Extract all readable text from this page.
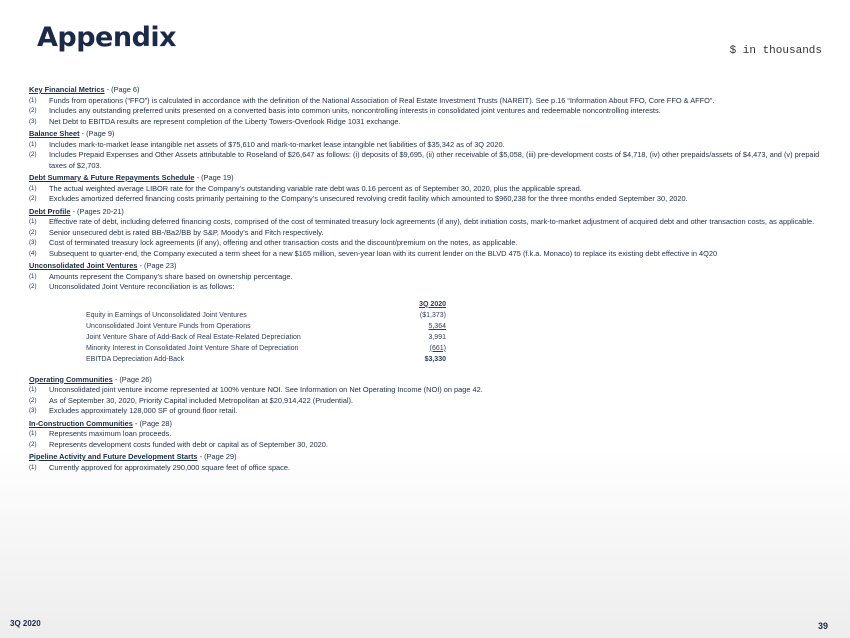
Appendix	$ in thousands
Key Financial Metrics - (Page 6)
(1) Funds from operations (“FFO”) is calculated in accordance with the definition of the National Association of Real Estate Investment Trusts (NAREIT). See p.16 “Information About FFO, Core FFO & AFFO”.
(2) Includes any outstanding preferred units presented on a converted basis into common units, noncontrolling interests in consolidated joint ventures and redeemable noncontrolling interests.
(3) Net Debt to EBITDA results are represent completion of the Liberty Towers-Overlook Ridge 1031 exchange.
Balance Sheet - (Page 9)
(1) Includes mark-to-market lease intangible net assets of $75,610 and mark-to-market lease intangible net liabilities of $35,342 as of 3Q 2020.
(2) Includes Prepaid Expenses and Other Assets attributable to Roseland of $26,647 as follows: (i) deposits of $9,695, (ii) other receivable of $5,058, (iii) pre-development costs of $4,718, (iv) other prepaids/assets of $4,473, and (v) prepaid taxes of $2,703.
Debt Summary & Future Repayments Schedule - (Page 19)
(1) The actual weighted average LIBOR rate for the Company’s outstanding variable rate debt was 0.16 percent as of September 30, 2020, plus the applicable spread.
(2) Excludes amortized deferred financing costs primarily pertaining to the Company’s unsecured revolving credit facility which amounted to $960,238 for the three months ended September 30, 2020.
Debt Profile - (Pages 20-21)
(1) Effective rate of debt, including deferred financing costs, comprised of the cost of terminated treasury lock agreements (if any), debt initiation costs, mark-to-market adjustment of acquired debt and other transaction costs, as applicable.
(2) Senior unsecured debt is rated BB-/Ba2/BB by S&P, Moody’s and Fitch respectively.
(3) Cost of terminated treasury lock agreements (if any), offering and other transaction costs and the discount/premium on the notes, as applicable.
(4) Subsequent to quarter-end, the Company executed a term sheet for a new $165 million, seven-year loan with its current lender on the BLVD 475 (f.k.a. Monaco) to replace its existing debt effective in 4Q20
Unconsolidated Joint Ventures - (Page 23)
(1) Amounts represent the Company’s share based on ownership percentage.
(2) Unconsolidated Joint Venture reconciliation is as follows:
3Q 2020
Equity in Earnings of Unconsolidated Joint Ventures	($1,373)
Unconsolidated Joint Venture Funds from Operations	5,364
Joint Venture Share of Add-Back of Real Estate-Related Depreciation	3,991
Minority Interest in Consolidated Joint Venture Share of Depreciation	(661)
EBITDA Depreciation Add-Back	$3,330
Operating Communities - (Page 26)
(1) Unconsolidated joint venture income represented at 100% venture NOI. See Information on Net Operating Income (NOI) on page 42.
(2) As of September 30, 2020, Priority Capital included Metropolitan at $20,914,422 (Prudential).
(3) Excludes approximately 128,000 SF of ground floor retail.
In-Construction Communities - (Page 28)
(1) Represents maximum loan proceeds.
(2) Represents development costs funded with debt or capital as of September 30, 2020.
Pipeline Activity and Future Development Starts - (Page 29)
(1) Currently approved for approximately 290,000 square feet of office space.
3Q 2020	39
